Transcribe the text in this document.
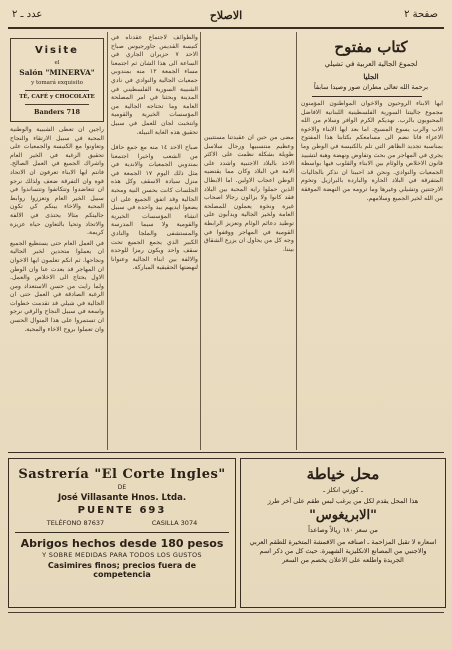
عدد ـ ٢	الاصلاح	صفحة ٢
Visite
el
Salón "MINERVA"
y tomará exquisito
TÉ, CAFÉ y CHOCOLATE
Banders 718
كتاب مفتوح
لجموع الجالية العربية في تشيلي
الجليا
برحمة الله تعالى مطران صور وصيدا سابقاً

ايها الابناء الروحيون والاخوان المواطنون المؤمنون مجموع جاليتنا السورية الفلسطينية اللبنانية الافاضل المحبوبون بالرب. نهديكم الكرم الوافر وسلام من الله الاب والرب يسوع المسيح. اما بعد ايها الابناء والاخوة الاعزاء فانا نضم الى مسامعكم بكتابنا هذا المفتوح بمناسبة تجديد الظاهر التي تلم بالكنيسة في الوطن وما يجري في المهاجر من بحث وتفاوض ونهضة وهبة لتشييد قانون الاخلاص والوئام بين الابناء والقلوب فيها بواسطة الجمعيات والنوادي. ونحن قد احببنا ان نذكر بالجاليات المتفرقة في البلاد الحارة والباردة بالبرازيل وتخوم الارجنتين وتشيلي وغيرها وما ترومه من النهضة الموفقة من الله لخير الجميع وسلامهم.

مضى من حين ان عقيدتنا مستتبين وعظيم منتسبيها ورجال سلاسل طويلة بشكلة نظمت على الاكثر الاخذ بالبلاد الاجنبية واشدد على الامة في البلاد وكان مما يقتضيه الوطن اعجاب الاولين. اما الابطال الذين حملوا راية المحبة بين البلاد فقد كانوا ولا يزالون رجالا اصحاب غيرة ونخوة يعملون للمصلحة العامة ولخير الجالية ويدأبون على توطيد دعائم الوئام وتعزيز الرابطة القومية في المهاجر ووقفوا في وجه كل من يحاول ان يزرع الشقاق بيننا.

والطوائف لاجتماع عقدناه في كنيسة القديس جاورجيوس صباح الاحد ٧ حزيران الجاري في الساعة الى هذا الشان ثم اجتمعنا مساء الجمعة ١٢ منه بمندوبي جمعيات الجالية والنوادي في نادي الشبيبة السورية الفلسطيني في المدينة وبحثنا في امر المصلحة العامة وما تحتاجه الجالية من المؤسسات الخيرية والقومية وانتخبت لجان للعمل في سبيل تحقيق هذه الغاية النبيلة.

صباح الاحد ١٤ منه مع جمع حافل من الشعب واخيرا اجتمعنا بمندوبي الجمعيات والاندية في مثل ذلك اليوم ١٧ الجمعة في منزل سيادة الاسقف وكل هذه الجلسات كانت بحسن النية ومحبة الجالية وقد اتفق الجميع على ان يضعوا ايديهم بيد واحدة في سبيل انشاء المؤسسات الخيرية والقومية ولا سيما المدرسة والمستشفى والملجا والنادي الكبير الذي يجمع الجميع تحت سقف واحد ويكون رمزا للوحدة والالفة بين ابناء الجالية وعنوانا لنهضتها الحقيقية المباركة.

راجين ان تعطى الشبيبة والوطنية المحبة في سبيل الارتقاء والنجاح وتعاونوا مع الكنيسة والجمعيات على تحقيق الرغبة في الخير العام واشراك الجميع في العمل الصالح. فانتم ايها الابناء تعرفون ان الاتحاد قوة وان التفرقة ضعف ولذلك نرجو ان تتعاضدوا وتتكاتفوا وتتساندوا في سبيل الخير العام وتعززوا روابط المحبة والاخاء بينكم كي تكون جاليتكم مثالا يحتذى في الالفة والاتحاد وتحيا بالتعاون حياة عزيزة كريمة.

في العمل العام حتى يستطيع الجميع ان يعملوا متحدين لخير الجالية ونجاحها. ثم انكم تعلمون ايها الاخوان ان المهاجر قد بعدت عنا وان الوطن الاول يحتاج الى الاخلاص والعمل. ولما رايت من حسن الاستعداد ومن الرغبة الصادقة في العمل حتى ان الجالية في شيلي قد تقدمت خطوات واسعة في سبيل النجاح والرقي نرجو ان تستمروا على هذا المنوال الحسن وان تعملوا بروح الاخاء والمحبة.

Sastrería "El Corte Ingles"
DE
José Villasante Hnos. Ltda.
PUENTE 693
TELÉFONO 87637	CASILLA 3074
Abrigos hechos desde 180 pesos
Y SOBRE MEDIDAS PARA TODOS LOS GUSTOS
Casimires finos; precios fuera de
competencia
محل خياطة
ـ كورتي انكلز ـ
هذا المحل يقدم لكل من يرغب لبس طقم على آخر طرز
"الابريغوس"
من سعر ١٨٠ ريالاً وصاعداً
اسعاره لا تقبل المزاحمة ـ اصنافه من الاقمشة المتخيرة للطقم العربي والاجنبي من المصانع الانكليزية الشهيرة. حيث كل من ذكر اسم الجريدة واطلعه على الاعلان يخصم من السعر
